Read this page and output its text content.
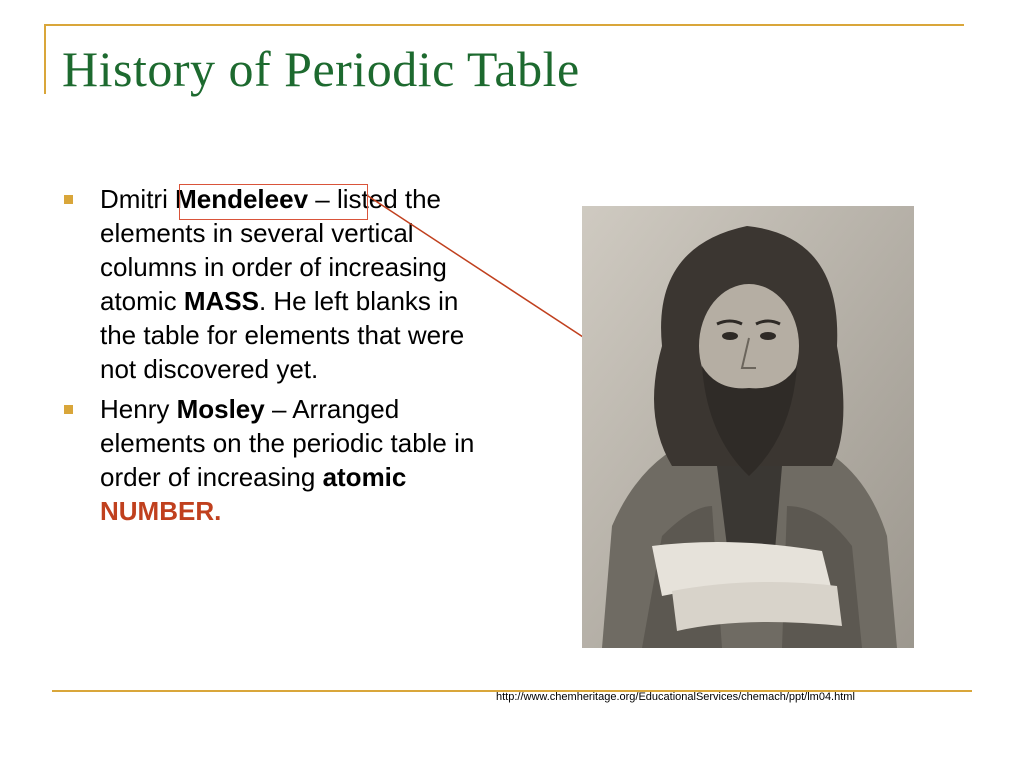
History of Periodic Table
Dmitri Mendeleev – listed the elements in several vertical columns in order of increasing atomic MASS. He left blanks in the table for elements that were not discovered yet.
Henry Mosley – Arranged elements on the periodic table in order of increasing atomic NUMBER.
http://www.chemheritage.org/EducationalServices/chemach/ppt/lm04.html
